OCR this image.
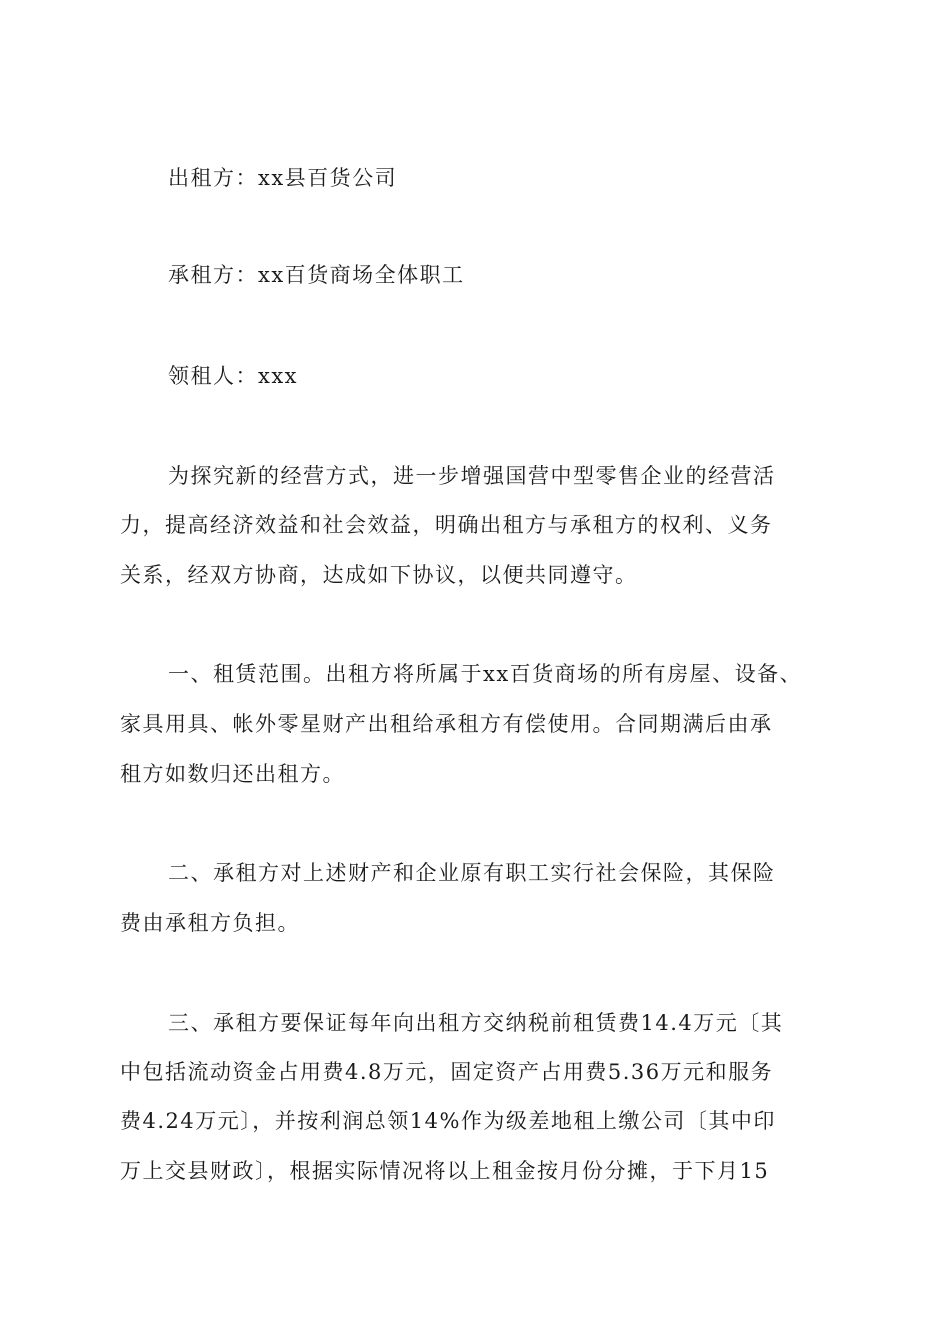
出租方：xx县百货公司
承租方：xx百货商场全体职工
领租人：xxx
为探究新的经营方式，进一步增强国营中型零售企业的经营活
力，提高经济效益和社会效益，明确出租方与承租方的权利、义务
关系，经双方协商，达成如下协议，以便共同遵守。
一、租赁范围。出租方将所属于xx百货商场的所有房屋、设备、
家具用具、帐外零星财产出租给承租方有偿使用。合同期满后由承
租方如数归还出租方。
二、承租方对上述财产和企业原有职工实行社会保险，其保险
费由承租方负担。
三、承租方要保证每年向出租方交纳税前租赁费14.4万元〔其
中包括流动资金占用费4.8万元，固定资产占用费5.36万元和服务
费4.24万元〕，并按利润总领14%作为级差地租上缴公司〔其中印
万上交县财政〕，根据实际情况将以上租金按月份分摊，于下月15
